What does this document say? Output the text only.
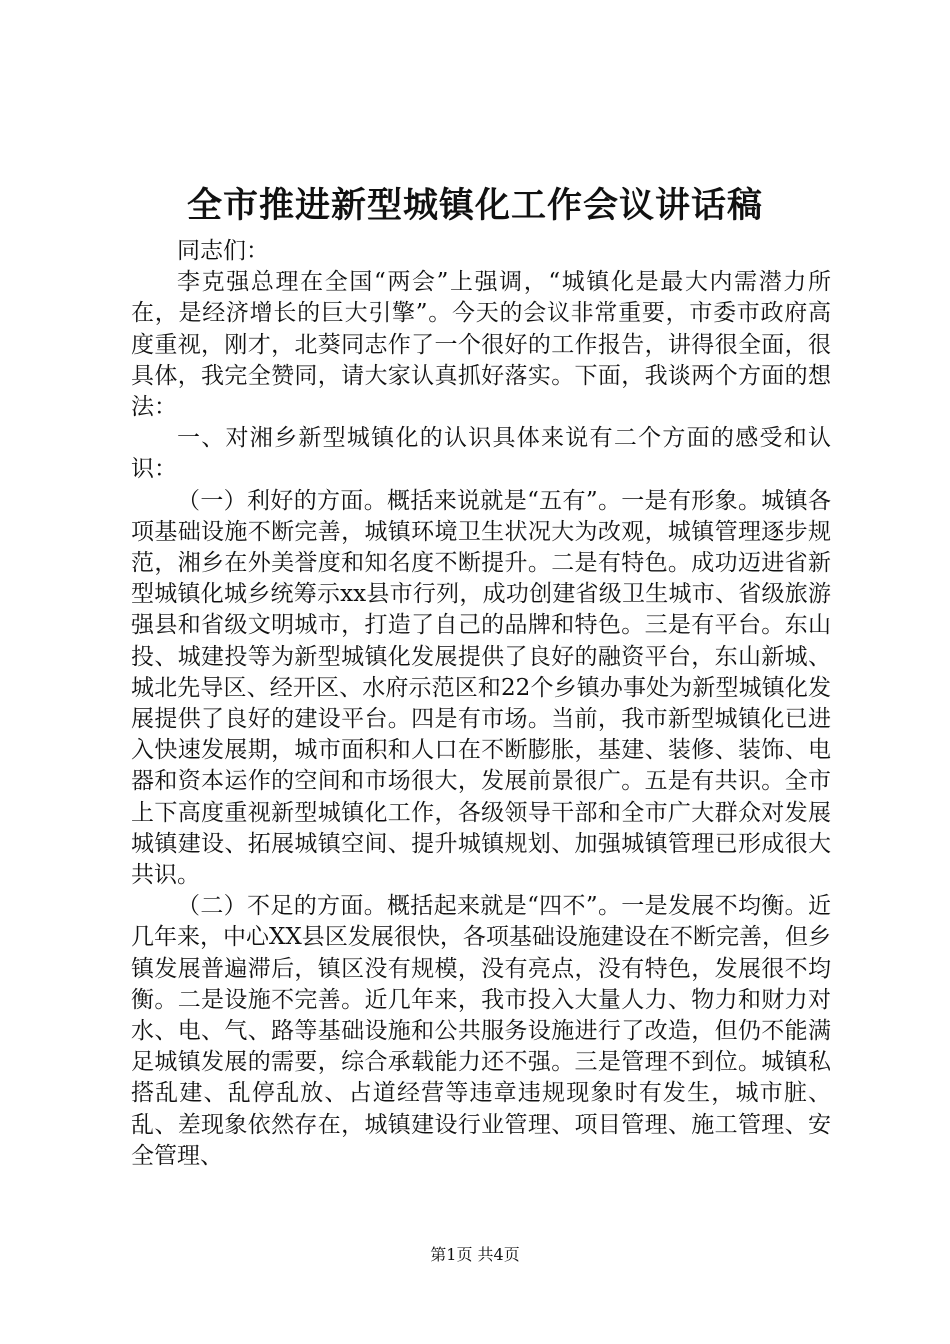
全市推进新型城镇化工作会议讲话稿

同志们：

李克强总理在全国“两会”上强调，“城镇化是最大内需潜力所在，是经济增长的巨大引擎”。今天的会议非常重要，市委市政府高度重视，刚才，北葵同志作了一个很好的工作报告，讲得很全面，很具体，我完全赞同，请大家认真抓好落实。下面，我谈两个方面的想法：

一、对湘乡新型城镇化的认识具体来说有二个方面的感受和认识：

（一）利好的方面。概括来说就是“五有”。一是有形象。城镇各项基础设施不断完善，城镇环境卫生状况大为改观，城镇管理逐步规范，湘乡在外美誉度和知名度不断提升。二是有特色。成功迈进省新型城镇化城乡统筹示xx县市行列，成功创建省级卫生城市、省级旅游强县和省级文明城市，打造了自己的品牌和特色。三是有平台。东山投、城建投等为新型城镇化发展提供了良好的融资平台，东山新城、城北先导区、经开区、水府示范区和22个乡镇办事处为新型城镇化发展提供了良好的建设平台。四是有市场。当前，我市新型城镇化已进入快速发展期，城市面积和人口在不断膨胀，基建、装修、装饰、电器和资本运作的空间和市场很大，发展前景很广。五是有共识。全市上下高度重视新型城镇化工作，各级领导干部和全市广大群众对发展城镇建设、拓展城镇空间、提升城镇规划、加强城镇管理已形成很大共识。

（二）不足的方面。概括起来就是“四不”。一是发展不均衡。近几年来，中心XX县区发展很快，各项基础设施建设在不断完善，但乡镇发展普遍滞后，镇区没有规模，没有亮点，没有特色，发展很不均衡。二是设施不完善。近几年来，我市投入大量人力、物力和财力对水、电、气、路等基础设施和公共服务设施进行了改造，但仍不能满足城镇发展的需要，综合承载能力还不强。三是管理不到位。城镇私搭乱建、乱停乱放、占道经营等违章违规现象时有发生，城市脏、乱、差现象依然存在，城镇建设行业管理、项目管理、施工管理、安全管理、

第1页 共4页
